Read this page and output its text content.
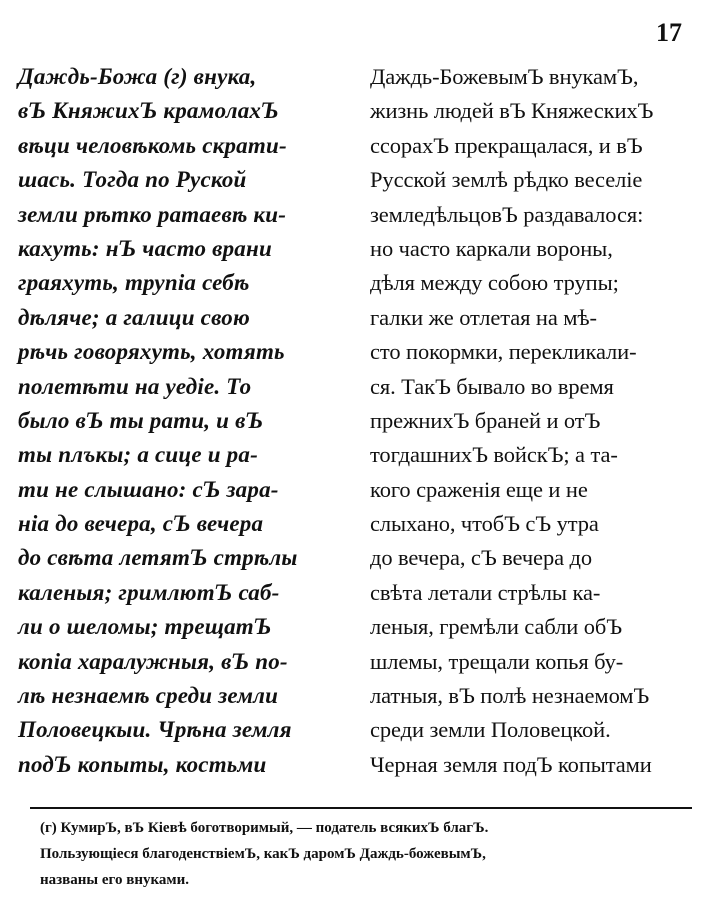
17
Даждь-Божа (г) внука,
вЪ КняжихЪ крамолахЪ
вѣци человѣкомь скрати-
шась. Тогда по Руской
земли рѣтко ратаевѣ ки-
кахуть: нЪ часто врани
граяхуть, трупіа себѣ
дѣляче; а галици свою
рѣчь говоряхуть, хотять
полетѣти на уедіе. То
было вЪ ты рати, и вЪ
ты плъкы; а сице и ра-
ти не слышано: сЪ зара-
ніа до вечера, сЪ вечера
до свѣта летятЪ стрѣлы
каленыя; гримлютЪ саб-
ли о шеломы; трещатЪ
копіа харалужныя, вЪ по-
лѣ незнаемѣ среди земли
Половецкыи. Чрѣна земля
подЪ копыты, костьми
Даждь-БожевымЪ внукамЪ,
жизнь людей вЪ КняжескихЪ
ссорахЪ прекращалася, и вЪ
Русской землѣ рѣдко веселіе
земледѣльцовЪ раздавалося:
но часто каркали вороны,
дѣля между собою трупы;
галки же отлетая на мѣ-
сто покормки, перекликали-
ся. ТакЪ бывало во время
прежнихЪ браней и отЪ
тогдашнихЪ войскЪ; а та-
кого сраженія еще и не
слыхано, чтобЪ сЪ утра
до вечера, сЪ вечера до
свѣта летали стрѣлы ка-
леныя, гремѣли сабли обЪ
шлемы, трещали копья бу-
латныя, вЪ полѣ незнаемомЪ
среди земли Половецкой.
Черная земля подЪ копытами
(г) КумирЪ, вЪ Кіевѣ боготворимый, — податель всякихЪ благЪ.
Пользующіеся благоденствіемЪ, какЪ даромЪ Даждь-божевымЪ,
названы его внуками.
